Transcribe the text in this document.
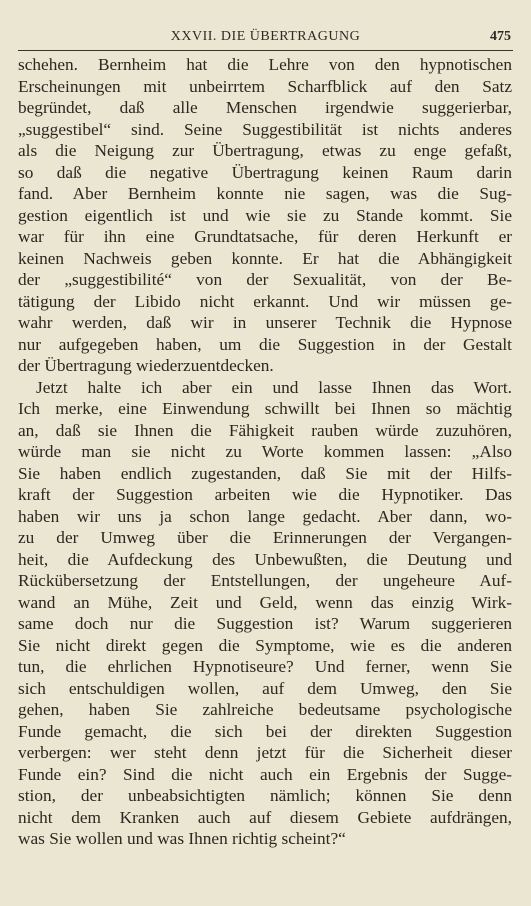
XXVII. DIE ÜBERTRAGUNG	475
schehen. Bernheim hat die Lehre von den hypnotischen
Erscheinungen mit unbeirrtem Scharfblick auf den Satz
begründet, daß alle Menschen irgendwie suggerierbar,
„suggestibel“ sind. Seine Suggestibilität ist nichts anderes
als die Neigung zur Übertragung, etwas zu enge gefaßt,
so daß die negative Übertragung keinen Raum darin
fand. Aber Bernheim konnte nie sagen, was die Sug-
gestion eigentlich ist und wie sie zu Stande kommt. Sie
war für ihn eine Grundtatsache, für deren Herkunft er
keinen Nachweis geben konnte. Er hat die Abhängigkeit
der „suggestibilité“ von der Sexualität, von der Be-
tätigung der Libido nicht erkannt. Und wir müssen ge-
wahr werden, daß wir in unserer Technik die Hypnose
nur aufgegeben haben, um die Suggestion in der Gestalt
der Übertragung wiederzuentdecken.
Jetzt halte ich aber ein und lasse Ihnen das Wort.
Ich merke, eine Einwendung schwillt bei Ihnen so mächtig
an, daß sie Ihnen die Fähigkeit rauben würde zuzuhören,
würde man sie nicht zu Worte kommen lassen: „Also
Sie haben endlich zugestanden, daß Sie mit der Hilfs-
kraft der Suggestion arbeiten wie die Hypnotiker. Das
haben wir uns ja schon lange gedacht. Aber dann, wo-
zu der Umweg über die Erinnerungen der Vergangen-
heit, die Aufdeckung des Unbewußten, die Deutung und
Rückübersetzung der Entstellungen, der ungeheure Auf-
wand an Mühe, Zeit und Geld, wenn das einzig Wirk-
same doch nur die Suggestion ist? Warum suggerieren
Sie nicht direkt gegen die Symptome, wie es die anderen
tun, die ehrlichen Hypnotiseure? Und ferner, wenn Sie
sich entschuldigen wollen, auf dem Umweg, den Sie
gehen, haben Sie zahlreiche bedeutsame psychologische
Funde gemacht, die sich bei der direkten Suggestion
verbergen: wer steht denn jetzt für die Sicherheit dieser
Funde ein? Sind die nicht auch ein Ergebnis der Sugge-
stion, der unbeabsichtigten nämlich; können Sie denn
nicht dem Kranken auch auf diesem Gebiete aufdrängen,
was Sie wollen und was Ihnen richtig scheint?“
